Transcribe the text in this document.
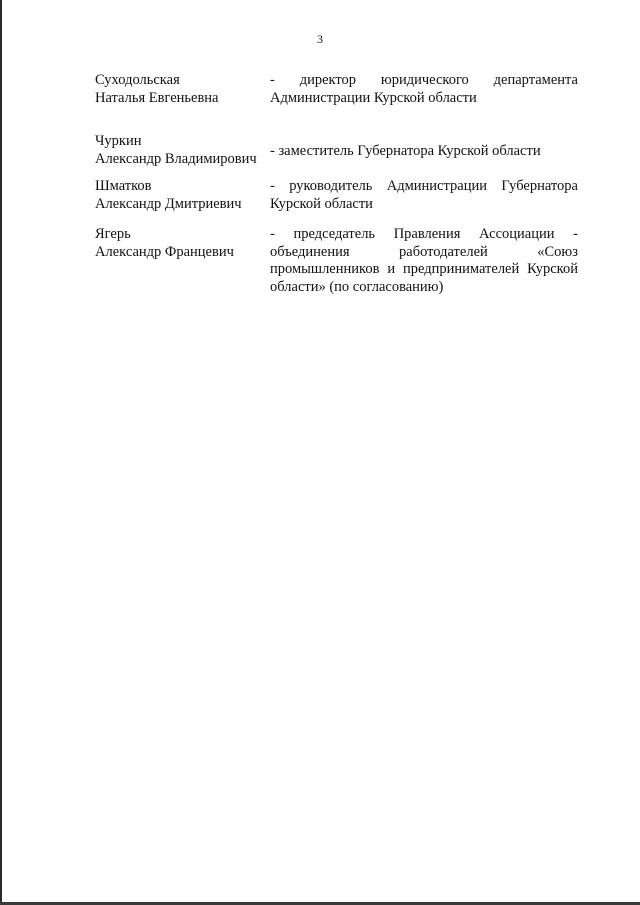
3
Суходольская
Наталья Евгеньевна
- директор юридического департамента Администрации Курской области
Чуркин
Александр Владимирович - заместитель Губернатора Курской области
Шматков
Александр Дмитриевич
- руководитель Администрации Губернатора Курской области
Ягерь
Александр Францевич
- председатель Правления Ассоциации - объединения работодателей «Союз промышленников и предпринимателей Курской области» (по согласованию)
